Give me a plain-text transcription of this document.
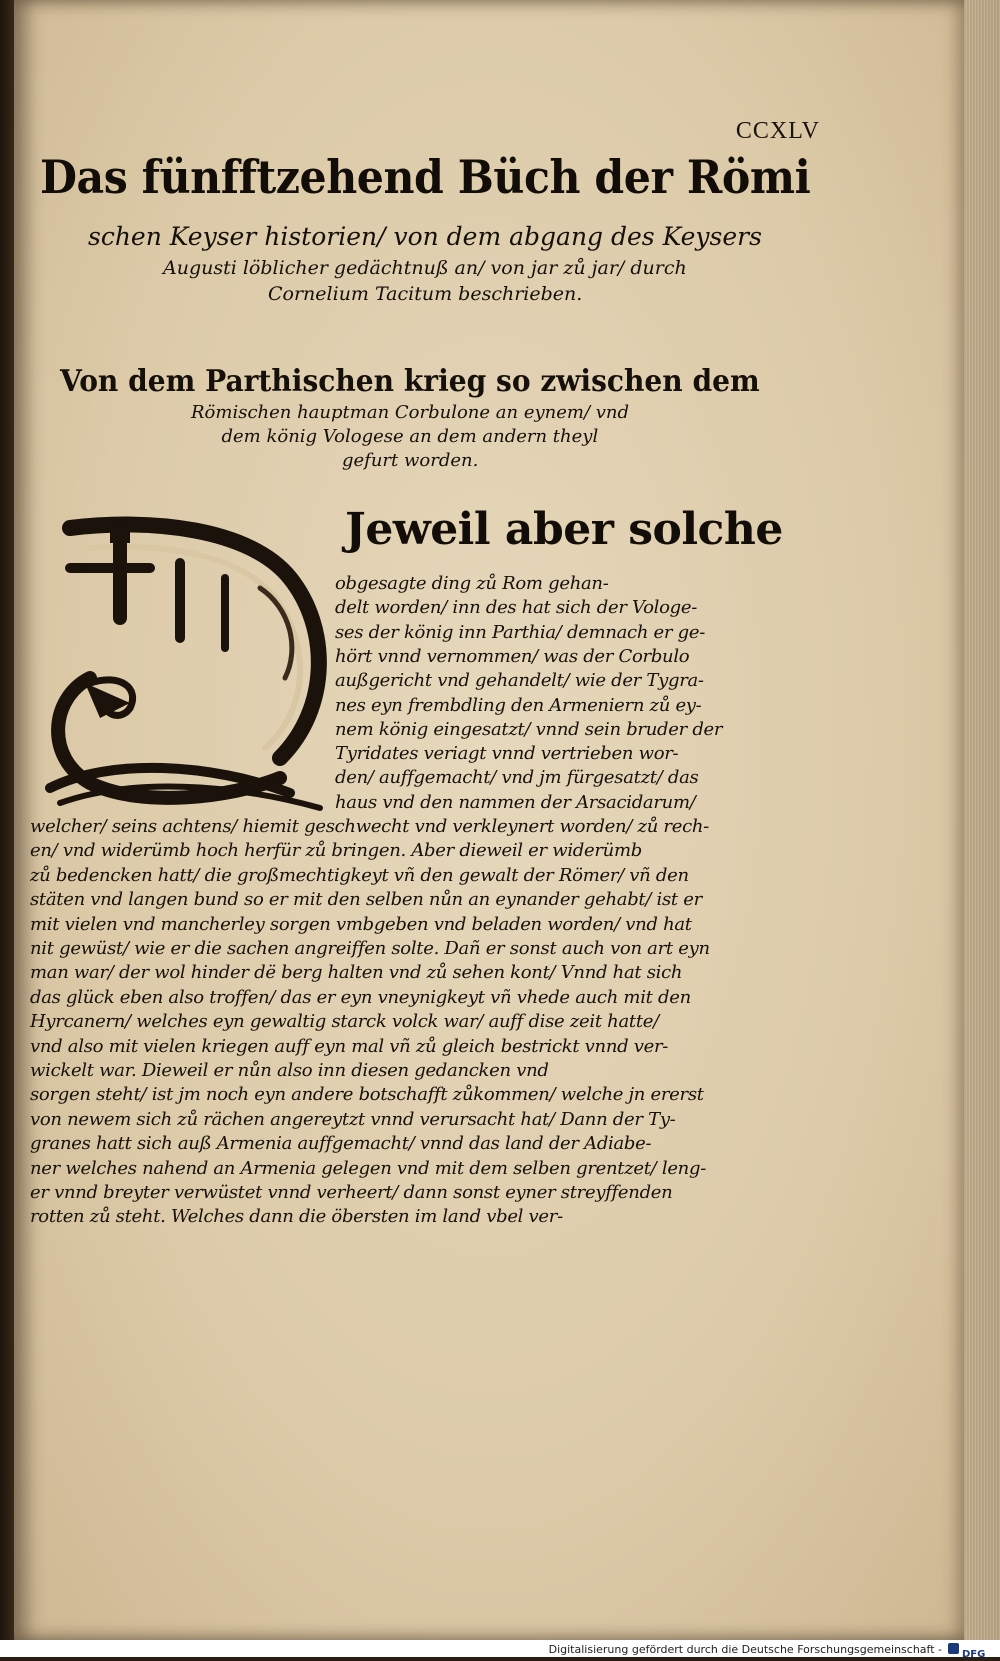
CCXLV
Das fünfftzehend Büch der Römi
schen Keyser historien/ von dem abgang des Keysers
Augusti löblicher gedächtnuß an/ von jar zů jar/ durch
Cornelium Tacitum beschrieben.
Von dem Parthischen krieg so zwischen dem
Römischen hauptman Corbulone an eynem/ vnd
dem könig Vologese an dem andern theyl
gefurt worden.
Jeweil aber solche
obgesagte ding zů Rom gehan-
delt worden/ inn des hat sich der Vologe-
ses der könig inn Parthia/ demnach er ge-
hört vnnd vernommen/ was der Corbulo
außgericht vnd gehandelt/ wie der Tygra-
nes eyn frembdling den Armeniern zů ey-
nem könig eingesatzt/ vnnd sein bruder der
Tyridates veriagt vnnd vertrieben wor-
den/ auffgemacht/ vnd jm fürgesatzt/ das
haus vnd den nammen der Arsacidarum/
welcher/ seins achtens/ hiemit geschwecht vnd verkleynert worden/ zů rech-
en/ vnd widerümb hoch herfür zů bringen. Aber dieweil er widerümb
zů bedencken hatt/ die großmechtigkeyt vñ den gewalt der Römer/ vñ den
stäten vnd langen bund so er mit den selben nůn an eynander gehabt/ ist er
mit vielen vnd mancherley sorgen vmbgeben vnd beladen worden/ vnd hat
nit gewüst/ wie er die sachen angreiffen solte. Dañ er sonst auch von art eyn
man war/ der wol hinder dë berg halten vnd zů sehen kont/ Vnnd hat sich
das glück eben also troffen/ das er eyn vneynigkeyt vñ vhede auch mit den
Hyrcanern/ welches eyn gewaltig starck volck war/ auff dise zeit hatte/
vnd also mit vielen kriegen auff eyn mal vñ zů gleich bestrickt vnnd ver-
wickelt war. Dieweil er nůn also inn diesen gedancken vnd
sorgen steht/ ist jm noch eyn andere botschafft zůkommen/ welche jn ererst
von newem sich zů rächen angereytzt vnnd verursacht hat/ Dann der Ty-
granes hatt sich auß Armenia auffgemacht/ vnnd das land der Adiabe-
ner welches nahend an Armenia gelegen vnd mit dem selben grentzet/ leng-
er vnnd breyter verwüstet vnnd verheert/ dann sonst eyner streyffenden
rotten zů steht. Welches dann die öbersten im land vbel ver-
Digitalisierung gefördert durch die Deutsche Forschungsgemeinschaft -	DFG
